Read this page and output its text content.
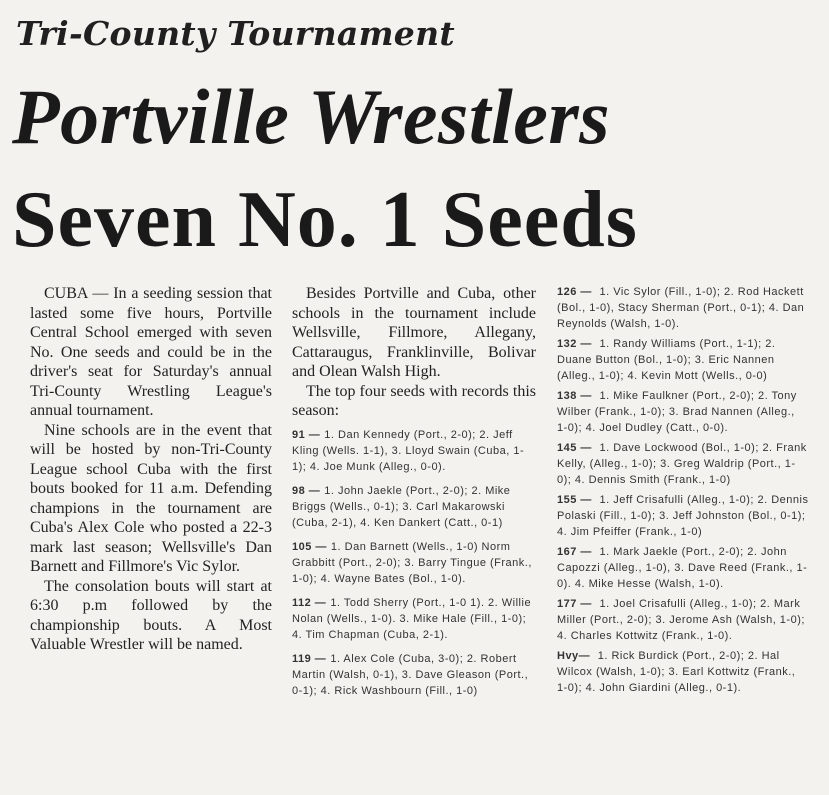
Tri-County Tournament
Portville Wrestlers
Seven No. 1 Seeds

CUBA — In a seeding session that lasted some five hours, Portville Central School emerged with seven No. One seeds and could be in the driver's seat for Saturday's annual Tri-County Wrestling League's annual tournament.

Nine schools are in the event that will be hosted by non-Tri-County League school Cuba with the first bouts booked for 11 a.m. Defending champions in the tournament are Cuba's Alex Cole who posted a 22-3 mark last season; Wellsville's Dan Barnett and Fillmore's Vic Sylor.

The consolation bouts will start at 6:30 p.m followed by the championship bouts. A Most Valuable Wrestler will be named.

Besides Portville and Cuba, other schools in the tournament include Wellsville, Fillmore, Allegany, Cattaraugus, Franklinville, Bolivar and Olean Walsh High.

The top four seeds with records this season:

91 — 1. Dan Kennedy (Port., 2-0); 2. Jeff Kling (Wells. 1-1), 3. Lloyd Swain (Cuba, 1-1); 4. Joe Munk (Alleg., 0-0).
98 — 1. John Jaekle (Port., 2-0); 2. Mike Briggs (Wells., 0-1); 3. Carl Makarowski (Cuba, 2-1), 4. Ken Dankert (Catt., 0-1)
105 — 1. Dan Barnett (Wells., 1-0) Norm Grabbitt (Port., 2-0); 3. Barry Tingue (Frank., 1-0); 4. Wayne Bates (Bol., 1-0).
112 — 1. Todd Sherry (Port., 1-0 1). 2. Willie Nolan (Wells., 1-0). 3. Mike Hale (Fill., 1-0); 4. Tim Chapman (Cuba, 2-1).
119 — 1. Alex Cole (Cuba, 3-0); 2. Robert Martin (Walsh, 0-1), 3. Dave Gleason (Port., 0-1); 4. Rick Washbourn (Fill., 1-0)
126 — 1. Vic Sylor (Fill., 1-0); 2. Rod Hackett (Bol., 1-0), Stacy Sherman (Port., 0-1); 4. Dan Reynolds (Walsh, 1-0).
132 — 1. Randy Williams (Port., 1-1); 2. Duane Button (Bol., 1-0); 3. Eric Nannen (Alleg., 1-0); 4. Kevin Mott (Wells., 0-0)
138 — 1. Mike Faulkner (Port., 2-0); 2. Tony Wilber (Frank., 1-0); 3. Brad Nannen (Alleg., 1-0); 4. Joel Dudley (Catt., 0-0).
145 — 1. Dave Lockwood (Bol., 1-0); 2. Frank Kelly, (Alleg., 1-0); 3. Greg Waldrip (Port., 1-0); 4. Dennis Smith (Frank., 1-0)
155 — 1. Jeff Crisafulli (Alleg., 1-0); 2. Dennis Polaski (Fill., 1-0); 3. Jeff Johnston (Bol., 0-1); 4. Jim Pfeiffer (Frank., 1-0)
167 — 1. Mark Jaekle (Port., 2-0); 2. John Capozzi (Alleg., 1-0), 3. Dave Reed (Frank., 1-0). 4. Mike Hesse (Walsh, 1-0).
177 — 1. Joel Crisafulli (Alleg., 1-0); 2. Mark Miller (Port., 2-0); 3. Jerome Ash (Walsh, 1-0); 4. Charles Kottwitz (Frank., 1-0).
Hvy— 1. Rick Burdick (Port., 2-0); 2. Hal Wilcox (Walsh, 1-0); 3. Earl Kottwitz (Frank., 1-0); 4. John Giardini (Alleg., 0-1).
